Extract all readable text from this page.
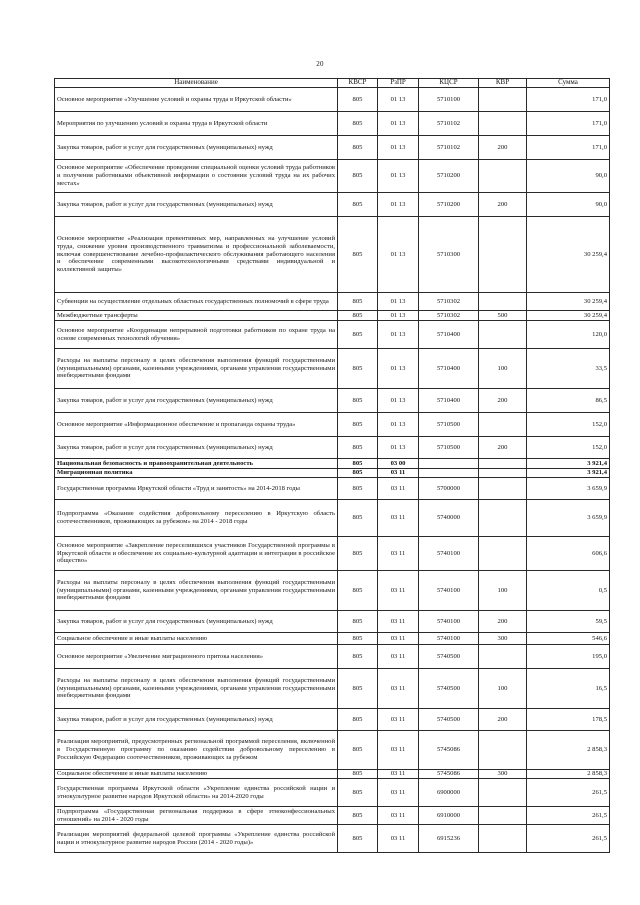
20
Наименование	КВСР	РзПР	КЦСР	КВР	Сумма
Основное мероприятие «Улучшение условий и охраны труда в Иркутской области»	805	01 13	5710100		171,0
Мероприятия по улучшению условий и охраны труда в Иркутской области	805	01 13	5710102		171,0
Закупка товаров, работ и услуг для государственных (муниципальных) нужд	805	01 13	5710102	200	171,0
Основное мероприятие «Обеспечение проведения специальной оценки условий труда работников и получения работниками объективной информации о состоянии условий труда на их рабочих местах»	805	01 13	5710200		90,0
Закупка товаров, работ и услуг для государственных (муниципальных) нужд	805	01 13	5710200	200	90,0
Основное мероприятие «Реализация превентивных мер, направленных на улучшение условий труда, снижение уровня производственного травматизма и профессиональной заболеваемости, включая совершенствование лечебно-профилактического обслуживания работающего населения и обеспечение современными высокотехнологичными средствами индивидуальной и коллективной защиты»	805	01 13	5710300		30 259,4
Субвенции на осуществление отдельных областных государственных полномочий в сфере труда	805	01 13	5710302		30 259,4
Межбюджетные трансферты	805	01 13	5710302	500	30 259,4
Основное мероприятие «Координация непрерывной подготовки работников по охране труда на основе современных технологий обучения»	805	01 13	5710400		120,0
Расходы на выплаты персоналу в целях обеспечения выполнения функций государственными (муниципальными) органами, казенными учреждениями, органами управления государственными внебюджетными фондами	805	01 13	5710400	100	33,5
Закупка товаров, работ и услуг для государственных (муниципальных) нужд	805	01 13	5710400	200	86,5
Основное мероприятие «Информационное обеспечение и пропаганда охраны труда»	805	01 13	5710500		152,0
Закупка товаров, работ и услуг для государственных (муниципальных) нужд	805	01 13	5710500	200	152,0
Национальная безопасность и правоохранительная деятельность	805	03 00			3 921,4
Миграционная политика	805	03 11			3 921,4
Государственная программа Иркутской области «Труд и занятость» на 2014-2018 годы	805	03 11	5700000		3 659,9
Подпрограмма «Оказание содействия добровольному переселению в Иркутскую область соотечественников, проживающих за рубежом» на 2014 - 2018 годы	805	03 11	5740000		3 659,9
Основное мероприятие «Закрепление переселившихся участников Государственной программы в Иркутской области и обеспечение их социально-культурной адаптации и интеграции в российское общество»	805	03 11	5740100		606,6
Расходы на выплаты персоналу в целях обеспечения выполнения функций государственными (муниципальными) органами, казенными учреждениями, органами управления государственными внебюджетными фондами	805	03 11	5740100	100	0,5
Закупка товаров, работ и услуг для государственных (муниципальных) нужд	805	03 11	5740100	200	59,5
Социальное обеспечение и иные выплаты населению	805	03 11	5740100	300	546,6
Основное мероприятие «Увеличение миграционного притока населения»	805	03 11	5740500		195,0
Расходы на выплаты персоналу в целях обеспечения выполнения функций государственными (муниципальными) органами, казенными учреждениями, органами управления государственными внебюджетными фондами	805	03 11	5740500	100	16,5
Закупка товаров, работ и услуг для государственных (муниципальных) нужд	805	03 11	5740500	200	178,5
Реализация мероприятий, предусмотренных региональной программой переселения, включенной в Государственную программу по оказанию содействия добровольному переселению в Российскую Федерацию соотечественников, проживающих за рубежом	805	03 11	5745086		2 858,3
Социальное обеспечение и иные выплаты населению	805	03 11	5745086	300	2 858,3
Государственная программа Иркутской области «Укрепление единства российской нации и этнокультурное развитие народов Иркутской области» на 2014-2020 годы	805	03 11	6900000		261,5
Подпрограмма «Государственная региональная поддержка в сфере этноконфессиональных отношений» на 2014 - 2020 годы	805	03 11	6910000		261,5
Реализация мероприятий федеральной целевой программы «Укрепление единства российской нации и этнокультурное развитие народов России (2014 - 2020 годы)»	805	03 11	6915236		261,5
